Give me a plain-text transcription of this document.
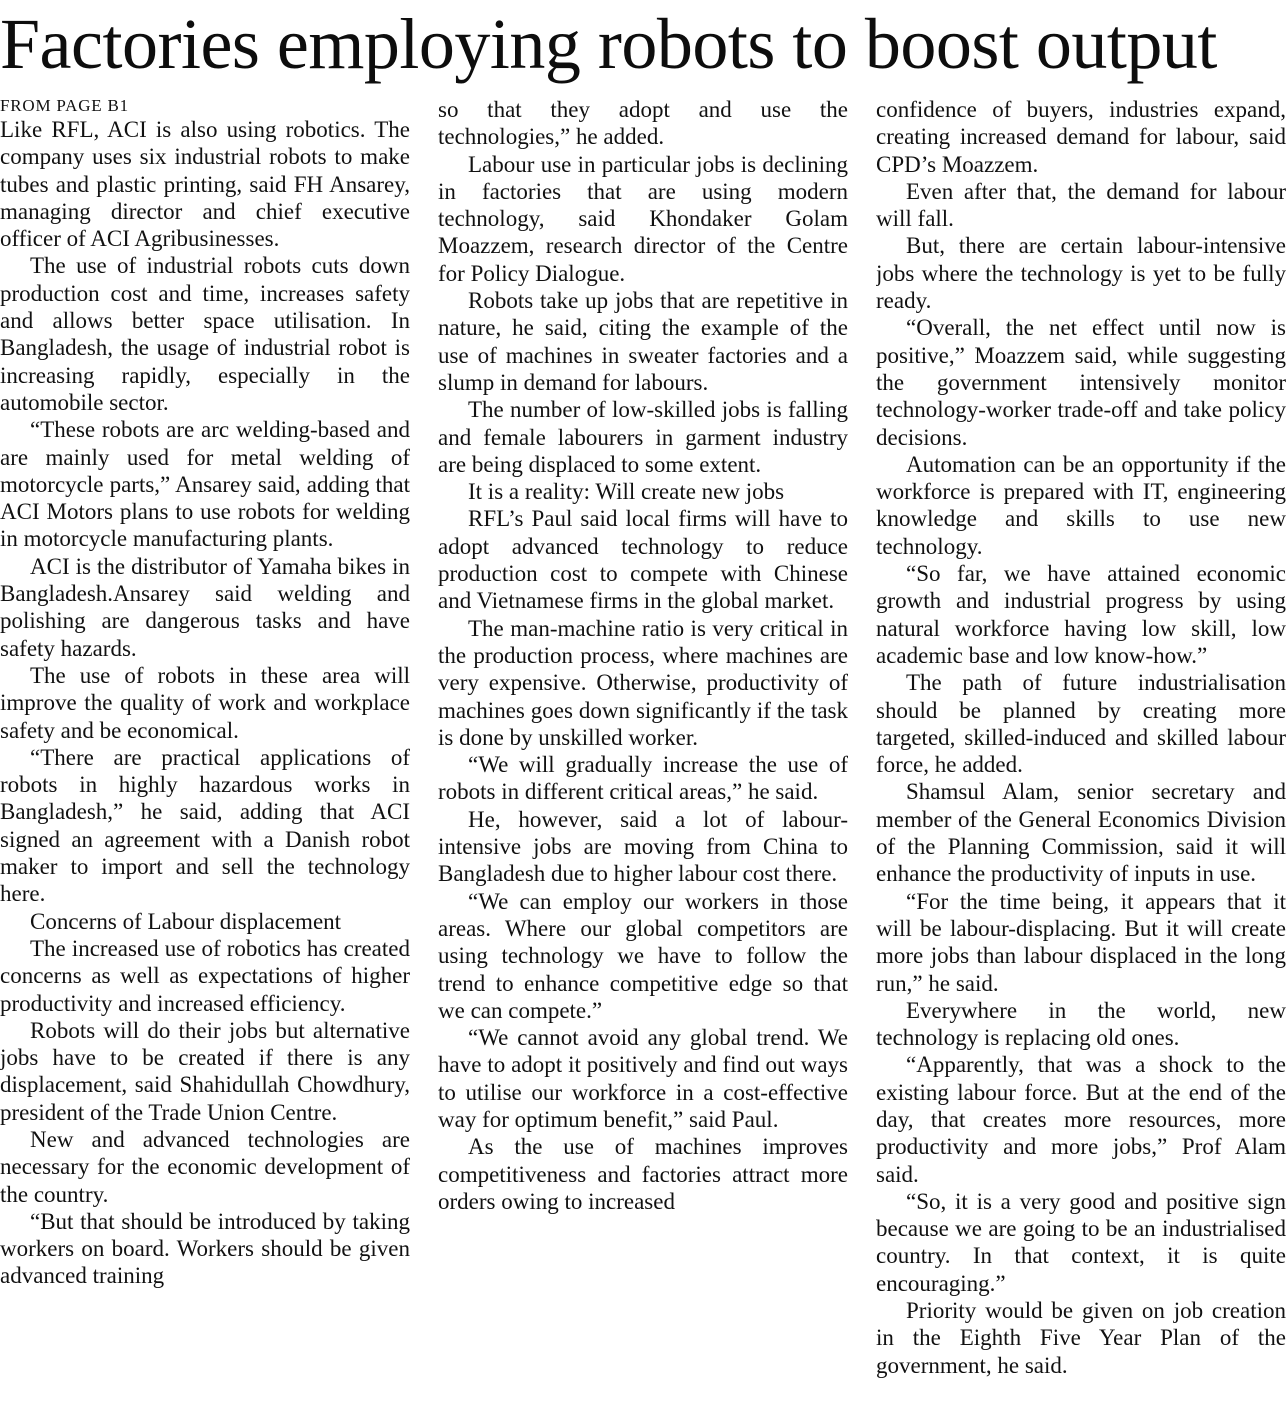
Factories employing robots to boost output

FROM PAGE B1

Like RFL, ACI is also using robotics. The company uses six industrial robots to make tubes and plastic printing, said FH Ansarey, managing director and chief executive officer of ACI Agribusinesses.

The use of industrial robots cuts down production cost and time, increases safety and allows better space utilisation. In Bangladesh, the usage of industrial robot is increasing rapidly, especially in the automobile sector.

“These robots are arc welding-based and are mainly used for metal welding of motorcycle parts,” Ansarey said, adding that ACI Motors plans to use robots for welding in motorcycle manufacturing plants.

ACI is the distributor of Yamaha bikes in Bangladesh.Ansarey said welding and polishing are dangerous tasks and have safety hazards.

The use of robots in these area will improve the quality of work and workplace safety and be economical.

“There are practical applications of robots in highly hazardous works in Bangladesh,” he said, adding that ACI signed an agreement with a Danish robot maker to import and sell the technology here.

Concerns of Labour displacement

The increased use of robotics has created concerns as well as expectations of higher productivity and increased efficiency.

Robots will do their jobs but alternative jobs have to be created if there is any displacement, said Shahidullah Chowdhury, president of the Trade Union Centre.

New and advanced technologies are necessary for the economic development of the country.

“But that should be introduced by taking workers on board. Workers should be given advanced training

so that they adopt and use the technologies,” he added.

Labour use in particular jobs is declining in factories that are using modern technology, said Khondaker Golam Moazzem, research director of the Centre for Policy Dialogue.

Robots take up jobs that are repetitive in nature, he said, citing the example of the use of machines in sweater factories and a slump in demand for labours.

The number of low-skilled jobs is falling and female labourers in garment industry are being displaced to some extent.

It is a reality: Will create new jobs

RFL’s Paul said local firms will have to adopt advanced technology to reduce production cost to compete with Chinese and Vietnamese firms in the global market.

The man-machine ratio is very critical in the production process, where machines are very expensive. Otherwise, productivity of machines goes down significantly if the task is done by unskilled worker.

“We will gradually increase the use of robots in different critical areas,” he said.

He, however, said a lot of labour-intensive jobs are moving from China to Bangladesh due to higher labour cost there.

“We can employ our workers in those areas. Where our global competitors are using technology we have to follow the trend to enhance competitive edge so that we can compete.”

“We cannot avoid any global trend. We have to adopt it positively and find out ways to utilise our workforce in a cost-effective way for optimum benefit,” said Paul.

As the use of machines improves competitiveness and factories attract more orders owing to increased

confidence of buyers, industries expand, creating increased demand for labour, said CPD’s Moazzem.

Even after that, the demand for labour will fall.

But, there are certain labour-intensive jobs where the technology is yet to be fully ready.

“Overall, the net effect until now is positive,” Moazzem said, while suggesting the government intensively monitor technology-worker trade-off and take policy decisions.

Automation can be an opportunity if the workforce is prepared with IT, engineering knowledge and skills to use new technology.

“So far, we have attained economic growth and industrial progress by using natural workforce having low skill, low academic base and low know-how.”

The path of future industrialisation should be planned by creating more targeted, skilled-induced and skilled labour force, he added.

Shamsul Alam, senior secretary and member of the General Economics Division of the Planning Commission, said it will enhance the productivity of inputs in use.

“For the time being, it appears that it will be labour-displacing. But it will create more jobs than labour displaced in the long run,” he said.

Everywhere in the world, new technology is replacing old ones.

“Apparently, that was a shock to the existing labour force. But at the end of the day, that creates more resources, more productivity and more jobs,” Prof Alam said.

“So, it is a very good and positive sign because we are going to be an industrialised country. In that context, it is quite encouraging.”

Priority would be given on job creation in the Eighth Five Year Plan of the government, he said.
